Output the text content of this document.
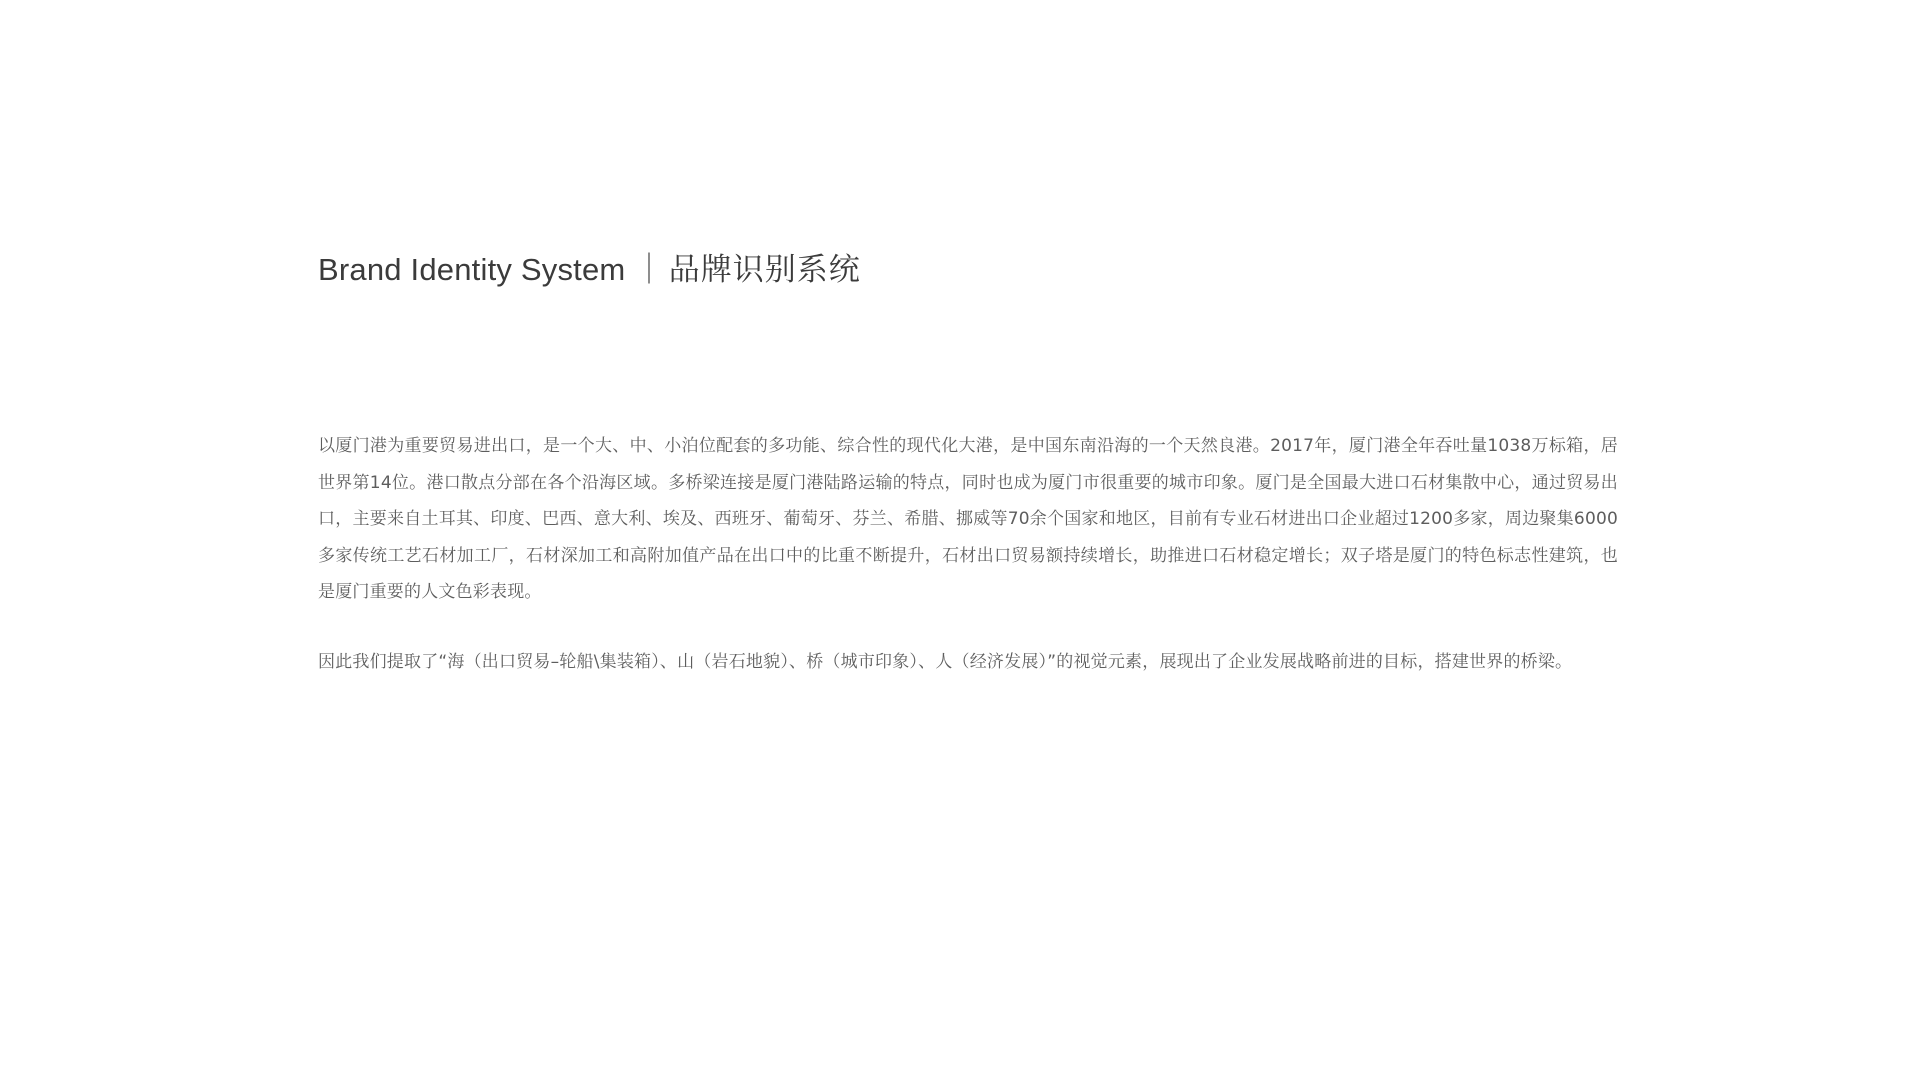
Brand Identity System ｜ 品牌识别系统

以厦门港为重要贸易进出口，是一个大、中、小泊位配套的多功能、综合性的现代化大港，是中国东南沿海的一个天然良港。2017年，厦门港全年吞吐量1038万标箱，居世界第14位。港口散点分部在各个沿海区域。多桥梁连接是厦门港陆路运输的特点，同时也成为厦门市很重要的城市印象。厦门是全国最大进口石材集散中心，通过贸易出口，主要来自土耳其、印度、巴西、意大利、埃及、西班牙、葡萄牙、芬兰、希腊、挪威等70余个国家和地区，目前有专业石材进出口企业超过1200多家，周边聚集6000多家传统工艺石材加工厂，石材深加工和高附加值产品在出口中的比重不断提升，石材出口贸易额持续增长，助推进口石材稳定增长；双子塔是厦门的特色标志性建筑，也是厦门重要的人文色彩表现。

因此我们提取了“海（出口贸易–轮船\集装箱）、山（岩石地貌）、桥（城市印象）、人（经济发展）”的视觉元素，展现出了企业发展战略前进的目标，搭建世界的桥梁。
